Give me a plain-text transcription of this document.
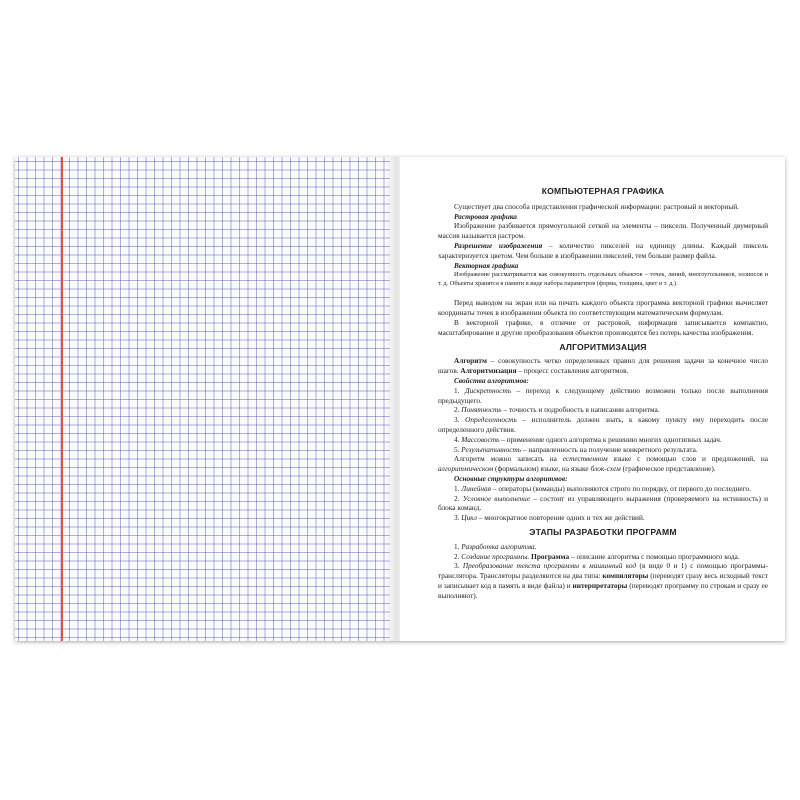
КОМПЬЮТЕРНАЯ ГРАФИКА

Существует два способа представления графической информации: растровый и векторный.

Растровая графика

Изображение разбивается прямоугольной сеткой на элементы – пиксели. Полученный двумерный массив называется растром.

Разрешение изображения – количество пикселей на единицу длины. Каждый пиксель характеризуется цветом. Чем больше в изображении пикселей, тем больше размер файла.

Векторная графика

Изображение рассматривается как совокупность отдельных объектов – точек, линий, многоугольников, эллипсов и т. д. Объекты хранятся в памяти в виде набора параметров (форма, толщина, цвет и т. д.).

Перед выводом на экран или на печать каждого объекта программа векторной графики вычисляет координаты точек в изображении объекта по соответствующим математическим формулам.

В векторной графике, в отличие от растровой, информация записывается компактно, масштабирование и другие преобразования объектов производятся без потерь качества изображения.

АЛГОРИТМИЗАЦИЯ

Алгоритм – совокупность четко определенных правил для решения задачи за конечное число шагов. Алгоритмизация – процесс составления алгоритмов.

Свойства алгоритмов:

1. Дискретность – переход к следующему действию возможен только после выполнения предыдущего.

2. Понятность – точность и подробность в написании алгоритма.

3. Определенность – исполнитель должен знать, к какому пункту ему переходить после определенного действия.

4. Массовость – применение одного алгоритма к решению многих однотипных задач.

5. Результативность – направленность на получение конкретного результата.

Алгоритм можно записать на естественном языке с помощью слов и предложений, на алгоритмическом (формальном) языке, на языке блок-схем (графическое представление).

Основные структуры алгоритмов:

1. Линейная – операторы (команды) выполняются строго по порядку, от первого до последнего.

2. Условное выполнение – состоит из управляющего выражения (проверяемого на истинность) и блока команд.

3. Цикл – многократное повторение одних и тех же действий.

ЭТАПЫ РАЗРАБОТКИ ПРОГРАММ

1. Разработка алгоритма.

2. Создание программы. Программа – описание алгоритма с помощью программного кода.

3. Преобразование текста программы в машинный код (в виде 0 и 1) с помощью программы-транслятора. Трансляторы разделяются на два типа: компиляторы (переводят сразу весь исходный текст и записывает код в память в виде файла) и интерпретаторы (переводят программу по строкам и сразу ее выполняют).
